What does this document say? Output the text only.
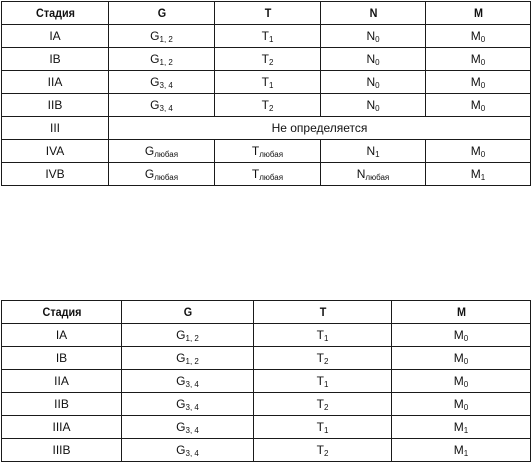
Стадия	G	T	N	M
IA	$G_{1, 2}$	$T_1$	$N_0$	$M_0$
IB	$G_{1, 2}$	$T_2$	$N_0$	$M_0$
IIA	$G_{3, 4}$	$T_1$	$N_0$	$M_0$
IIB	$G_{3, 4}$	$T_2$	$N_0$	$M_0$
III	Не определяется			
IVA	$G_{любая}$	$T_{любая}$	$N_1$	$M_0$
IVB	$G_{любая}$	$T_{любая}$	$N_{любая}$	$M_1$
Стадия	G	T	M
IA	$G_{1, 2}$	$T_1$	$M_0$
IB	$G_{1, 2}$	$T_2$	$M_0$
IIA	$G_{3, 4}$	$T_1$	$M_0$
IIB	$G_{3, 4}$	$T_2$	$M_0$
IIIA	$G_{3, 4}$	$T_1$	$M_1$
IIIB	$G_{3, 4}$	$T_2$	$M_1$
